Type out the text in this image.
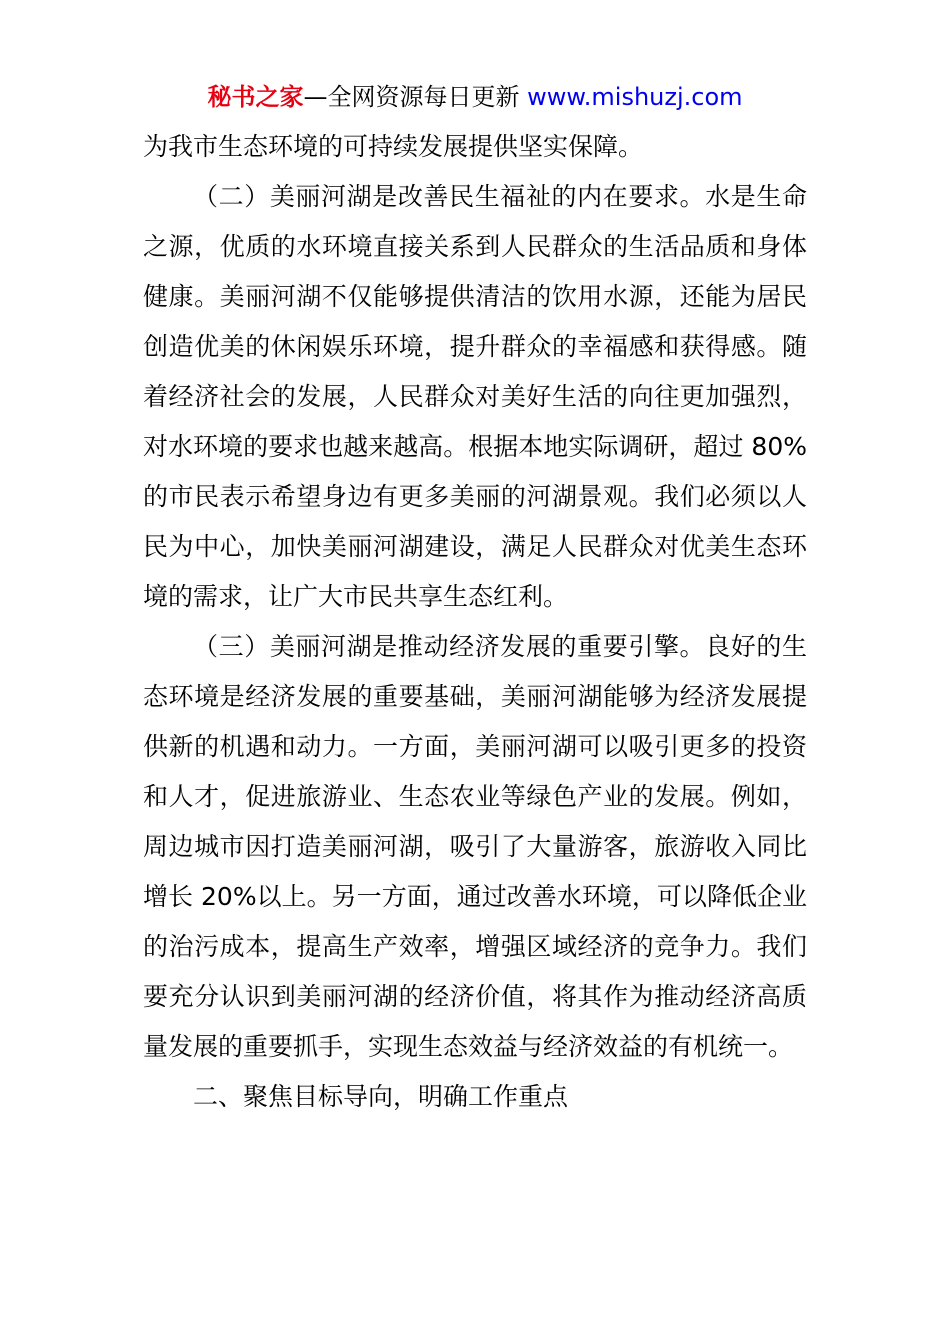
秘书之家—全网资源每日更新 www.mishuzj.com

为我市生态环境的可持续发展提供坚实保障。

（二）美丽河湖是改善民生福祉的内在要求。水是生命之源，优质的水环境直接关系到人民群众的生活品质和身体健康。美丽河湖不仅能够提供清洁的饮用水源，还能为居民创造优美的休闲娱乐环境，提升群众的幸福感和获得感。随着经济社会的发展，人民群众对美好生活的向往更加强烈，对水环境的要求也越来越高。根据本地实际调研，超过 80%的市民表示希望身边有更多美丽的河湖景观。我们必须以人民为中心，加快美丽河湖建设，满足人民群众对优美生态环境的需求，让广大市民共享生态红利。

（三）美丽河湖是推动经济发展的重要引擎。良好的生态环境是经济发展的重要基础，美丽河湖能够为经济发展提供新的机遇和动力。一方面，美丽河湖可以吸引更多的投资和人才，促进旅游业、生态农业等绿色产业的发展。例如，周边城市因打造美丽河湖，吸引了大量游客，旅游收入同比增长 20%以上。另一方面，通过改善水环境，可以降低企业的治污成本，提高生产效率，增强区域经济的竞争力。我们要充分认识到美丽河湖的经济价值，将其作为推动经济高质量发展的重要抓手，实现生态效益与经济效益的有机统一。

二、聚焦目标导向，明确工作重点
